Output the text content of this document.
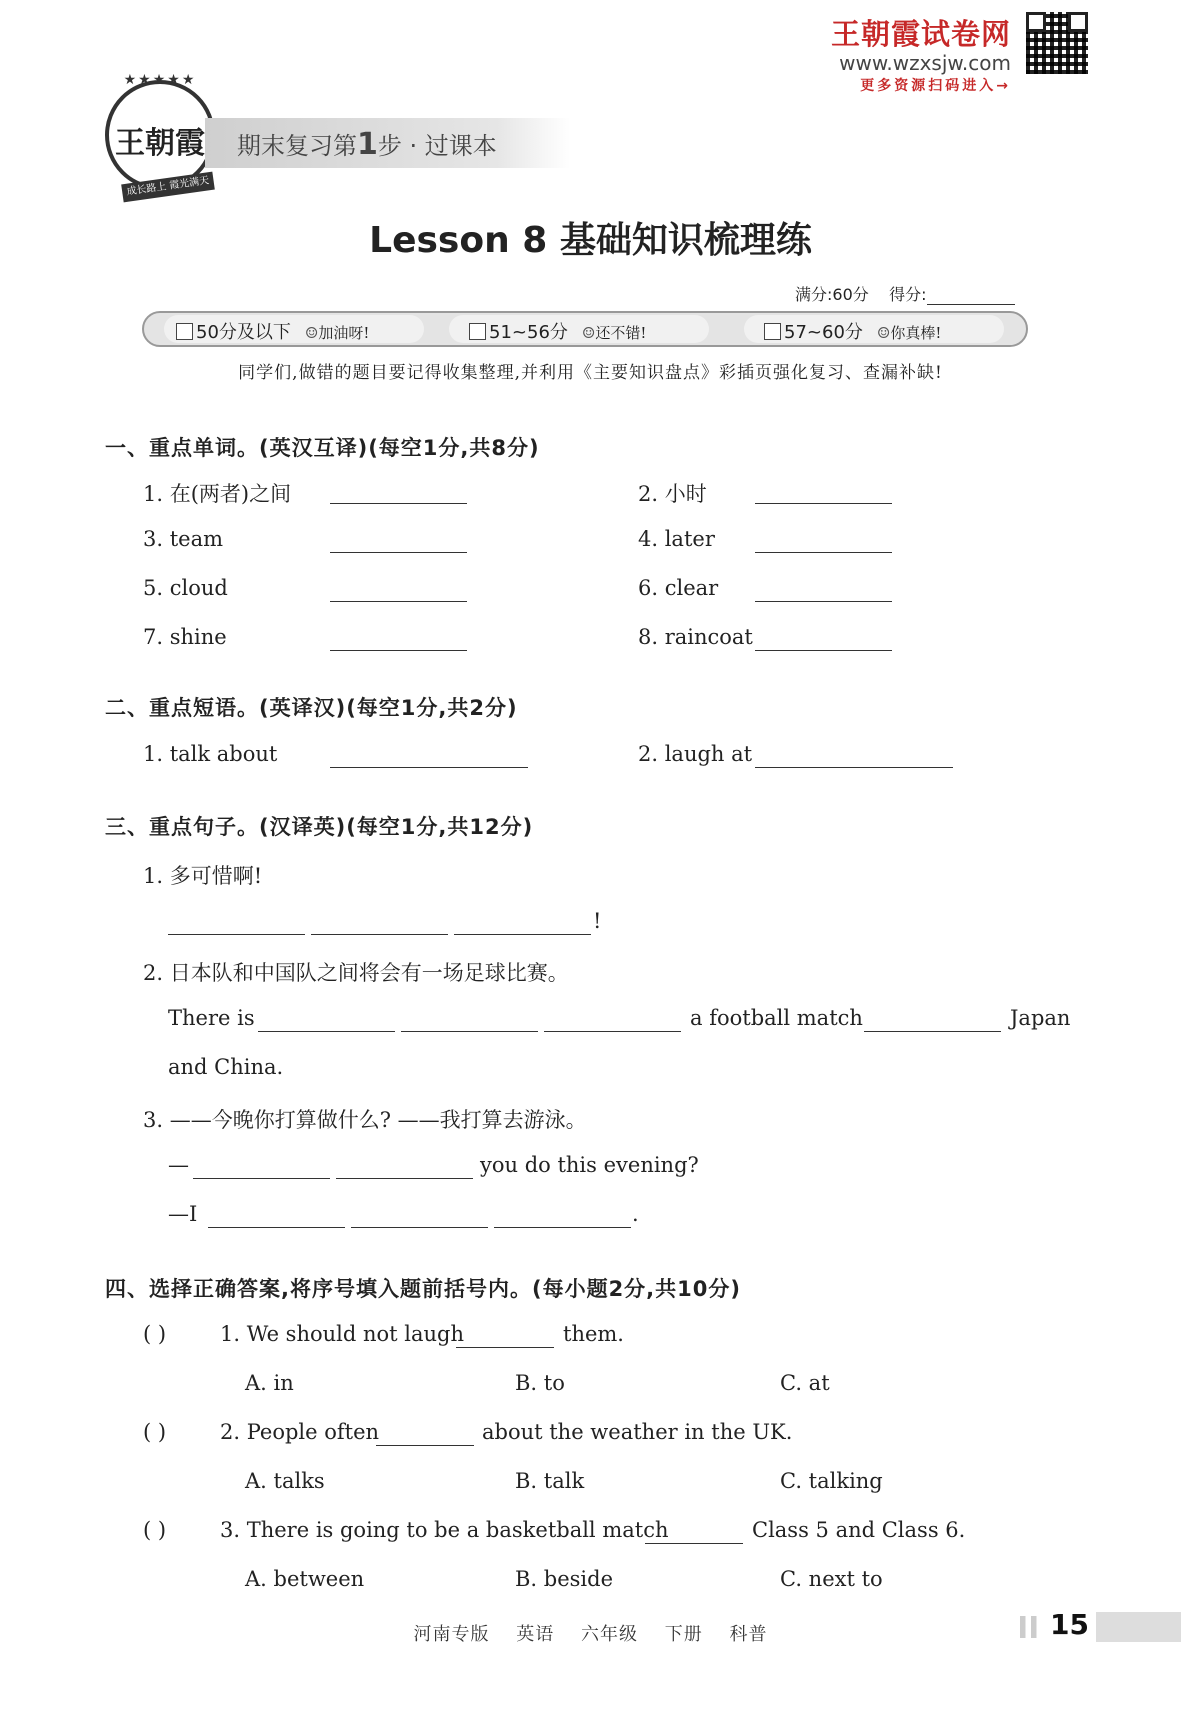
王朝霞试卷网
www.wzxsjw.com
更多资源扫码进入→
★★★★★
王朝霞
成长路上 霞光满天
期末复习第1步 · 过课本
Lesson 8 基础知识梳理练
满分:60分 得分:
50分及以下 ☺加油呀!	51~56分 ☺还不错!	57~60分 ☺你真棒!
同学们,做错的题目要记得收集整理,并利用《主要知识盘点》彩插页强化复习、查漏补缺!
一、重点单词。(英汉互译)(每空1分,共8分)
1. 在(两者)之间	2. 小时
3. team	4. later
5. cloud	6. clear
7. shine	8. raincoat
二、重点短语。(英译汉)(每空1分,共2分)
1. talk about	2. laugh at
三、重点句子。(汉译英)(每空1分,共12分)
1. 多可惜啊!
!
2. 日本队和中国队之间将会有一场足球比赛。
There is	a football match	Japan
and China.
3. ——今晚你打算做什么? ——我打算去游泳。
—	you do this evening?
—I	.
四、选择正确答案,将序号填入题前括号内。(每小题2分,共10分)
( )	1. We should not laugh	them.
A. in	B. to	C. at
( )	2. People often	about the weather in the UK.
A. talks	B. talk	C. talking
( )	3. There is going to be a basketball match	Class 5 and Class 6.
A. between	B. beside	C. next to
河南专版 英语 六年级 下册 科普	15
